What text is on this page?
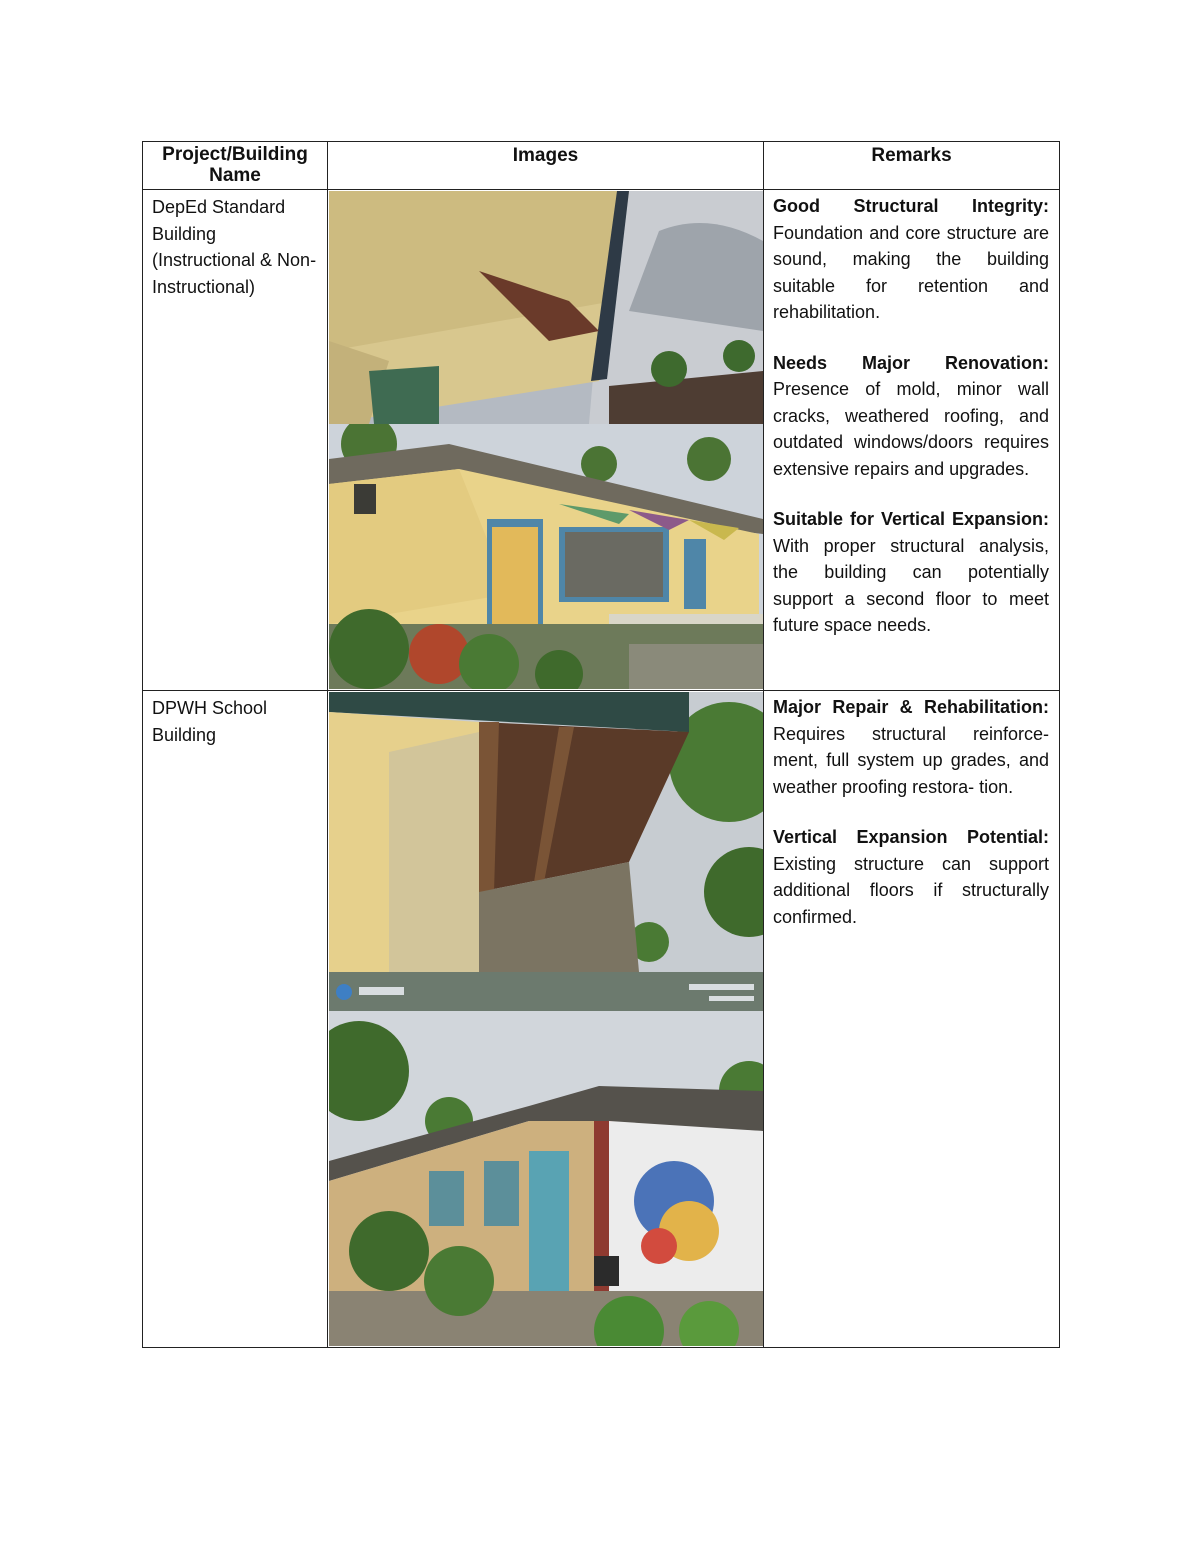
Project/Building Name	Images	Remarks
DepEd Standard Building (Instructional & Non-Instructional)		Good Structural Integrity: Foundation and core structure are sound, making the building suitable for retention and rehabilitation.

Needs Major Renovation: Presence of mold, minor wall cracks, weathered roofing, and outdated windows/doors requires extensive repairs and upgrades.

Suitable for Vertical Expansion: With proper structural analysis, the building can potentially support a second floor to meet future space needs.

DPWH School Building		Major Repair & Rehabilitation: Requires structural reinforce- ment, full system up grades, and weather proofing restora- tion.

Vertical Expansion Potential: Existing structure can support additional floors if structurally confirmed.
